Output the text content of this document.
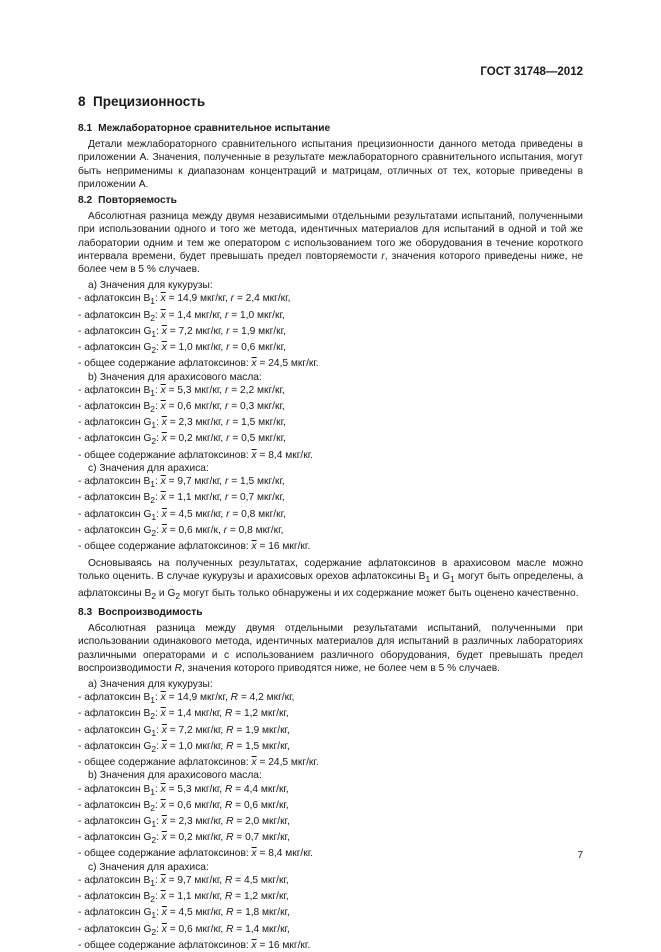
ГОСТ 31748—2012
8 Прецизионность
8.1 Межлабораторное сравнительное испытание

Детали межлабораторного сравнительного испытания прецизионности данного метода приведены в приложении А. Значения, полученные в результате межлабораторного сравнительного испытания, могут быть неприменимы к диапазонам концентраций и матрицам, отличных от тех, которые приведены в приложении А.

8.2 Повторяемость

Абсолютная разница между двумя независимыми отдельными результатами испытаний, полученными при использовании одного и того же метода, идентичных материалов для испытаний в одной и той же лаборатории одним и тем же оператором с использованием того же оборудования в течение короткого интервала времени, будет превышать предел повторяемости r, значения которого приведены ниже, не более чем в 5 % случаев.

a) Значения для кукурузы:
- афлатоксин $B_1$: $\overline{x} = 14,9$ мкг/кг, r = 2,4 мкг/кг,
- афлатоксин $B_2$: $\overline{x} = 1,4$ мкг/кг, r = 1,0 мкг/кг,
- афлатоксин $G_1$: $\overline{x} = 7,2$ мкг/кг, r = 1,9 мкг/кг,
- афлатоксин $G_2$: $\overline{x} = 1,0$ мкг/кг, r = 0,6 мкг/кг,
- общее содержание афлатоксинов: $\overline{x} = 24,5$ мкг/кг.
b) Значения для арахисового масла:
- афлатоксин $B_1$: $\overline{x} = 5,3$ мкг/кг, r = 2,2 мкг/кг,
- афлатоксин $B_2$: $\overline{x} = 0,6$ мкг/кг, r = 0,3 мкг/кг,
- афлатоксин $G_1$: $\overline{x} = 2,3$ мкг/кг, r = 1,5 мкг/кг,
- афлатоксин $G_2$: $\overline{x} = 0,2$ мкг/кг, r = 0,5 мкг/кг,
- общее содержание афлатоксинов: $\overline{x} = 8,4$ мкг/кг.
c) Значения для арахиса:
- афлатоксин $B_1$: $\overline{x} = 9,7$ мкг/кг, r = 1,5 мкг/кг,
- афлатоксин $B_2$: $\overline{x} = 1,1$ мкг/кг, r = 0,7 мкг/кг,
- афлатоксин $G_1$: $\overline{x} = 4,5$ мкг/кг, r = 0,8 мкг/кг,
- афлатоксин $G_2$: $\overline{x} = 0,6$ мкг/к, r = 0,8 мкг/кг,
- общее содержание афлатоксинов: $\overline{x} = 16$ мкг/кг.

Основываясь на полученных результатах, содержание афлатоксинов в арахисовом масле можно только оценить. В случае кукурузы и арахисовых орехов афлатоксины $B_1$ и $G_1$ могут быть определены, а афлатоксины $B_2$ и $G_2$ могут быть только обнаружены и их содержание может быть оценено качественно.

8.3 Воспроизводимость

Абсолютная разница между двумя отдельными результатами испытаний, полученными при использовании одинакового метода, идентичных материалов для испытаний в различных лабораториях различными операторами и с использованием различного оборудования, будет превышать предел воспроизводимости R, значения которого приводятся ниже, не более чем в 5 % случаев.

a) Значения для кукурузы:
- афлатоксин $B_1$: $\overline{x} = 14,9$ мкг/кг, R = 4,2 мкг/кг,
- афлатоксин $B_2$: $\overline{x} = 1,4$ мкг/кг, R = 1,2 мкг/кг,
- афлатоксин $G_1$: $\overline{x} = 7,2$ мкг/кг, R = 1,9 мкг/кг,
- афлатоксин $G_2$: $\overline{x} = 1,0$ мкг/кг, R = 1,5 мкг/кг,
- общее содержание афлатоксинов: $\overline{x} = 24,5$ мкг/кг.
b) Значения для арахисового масла:
- афлатоксин $B_1$: $\overline{x} = 5,3$ мкг/кг, R = 4,4 мкг/кг,
- афлатоксин $B_2$: $\overline{x} = 0,6$ мкг/кг, R = 0,6 мкг/кг,
- афлатоксин $G_1$: $\overline{x} = 2,3$ мкг/кг, R = 2,0 мкг/кг,
- афлатоксин $G_2$: $\overline{x} = 0,2$ мкг/кг, R = 0,7 мкг/кг,
- общее содержание афлатоксинов: $\overline{x} = 8,4$ мкг/кг.
c) Значения для арахиса:
- афлатоксин $B_1$: $\overline{x} = 9,7$ мкг/кг, R = 4,5 мкг/кг,
- афлатоксин $B_2$: $\overline{x} = 1,1$ мкг/кг, R = 1,2 мкг/кг,
- афлатоксин $G_1$: $\overline{x} = 4,5$ мкг/кг, R = 1,8 мкг/кг,
- афлатоксин $G_2$: $\overline{x} = 0,6$ мкг/кг, R = 1,4 мкг/кг,
- общее содержание афлатоксинов: $\overline{x} = 16$ мкг/кг.
7
